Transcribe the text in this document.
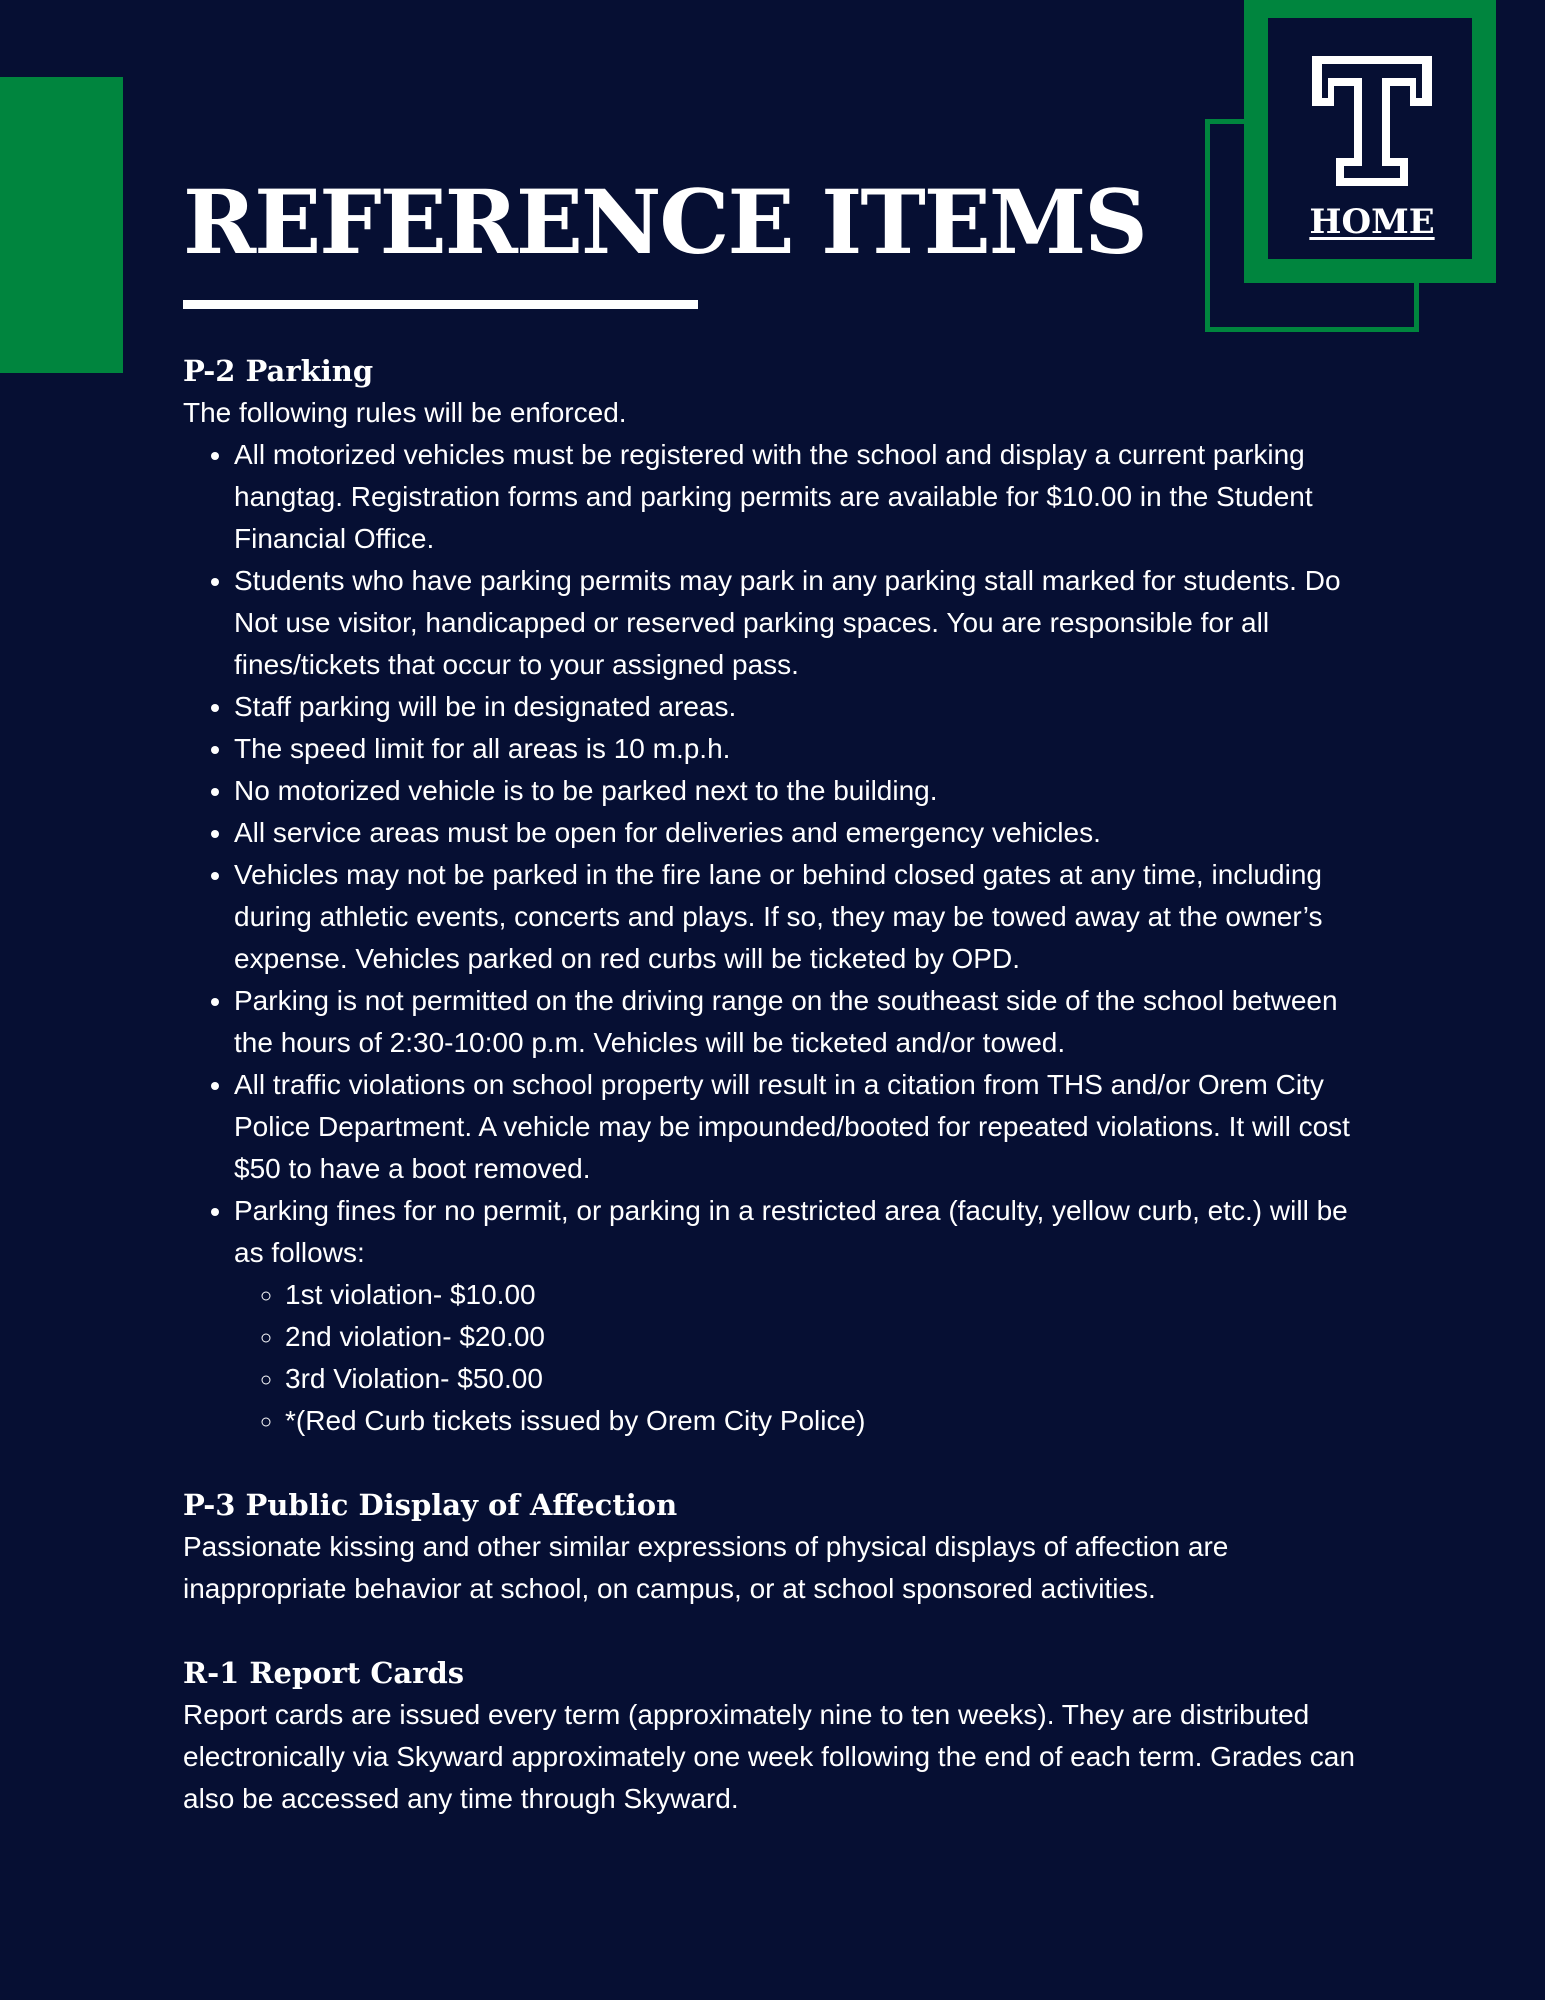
HOME
REFERENCE ITEMS
P-2 Parking

The following rules will be enforced.

• All motorized vehicles must be registered with the school and display a current parking hangtag. Registration forms and parking permits are available for $10.00 in the Student Financial Office.
• Students who have parking permits may park in any parking stall marked for students. Do Not use visitor, handicapped or reserved parking spaces. You are responsible for all fines/tickets that occur to your assigned pass.
• Staff parking will be in designated areas.
• The speed limit for all areas is 10 m.p.h.
• No motorized vehicle is to be parked next to the building.
• All service areas must be open for deliveries and emergency vehicles.
• Vehicles may not be parked in the fire lane or behind closed gates at any time, including during athletic events, concerts and plays. If so, they may be towed away at the owner’s expense. Vehicles parked on red curbs will be ticketed by OPD.
• Parking is not permitted on the driving range on the southeast side of the school between the hours of 2:30-10:00 p.m. Vehicles will be ticketed and/or towed.
• All traffic violations on school property will result in a citation from THS and/or Orem City Police Department. A vehicle may be impounded/booted for repeated violations. It will cost $50 to have a boot removed.
• Parking fines for no permit, or parking in a restricted area (faculty, yellow curb, etc.) will be as follows:
◦ 1st violation- $10.00
◦ 2nd violation- $20.00
◦ 3rd Violation- $50.00
◦ *(Red Curb tickets issued by Orem City Police)
P-3 Public Display of Affection

Passionate kissing and other similar expressions of physical displays of affection are inappropriate behavior at school, on campus, or at school sponsored activities.

R-1 Report Cards

Report cards are issued every term (approximately nine to ten weeks). They are distributed electronically via Skyward approximately one week following the end of each term. Grades can also be accessed any time through Skyward.
